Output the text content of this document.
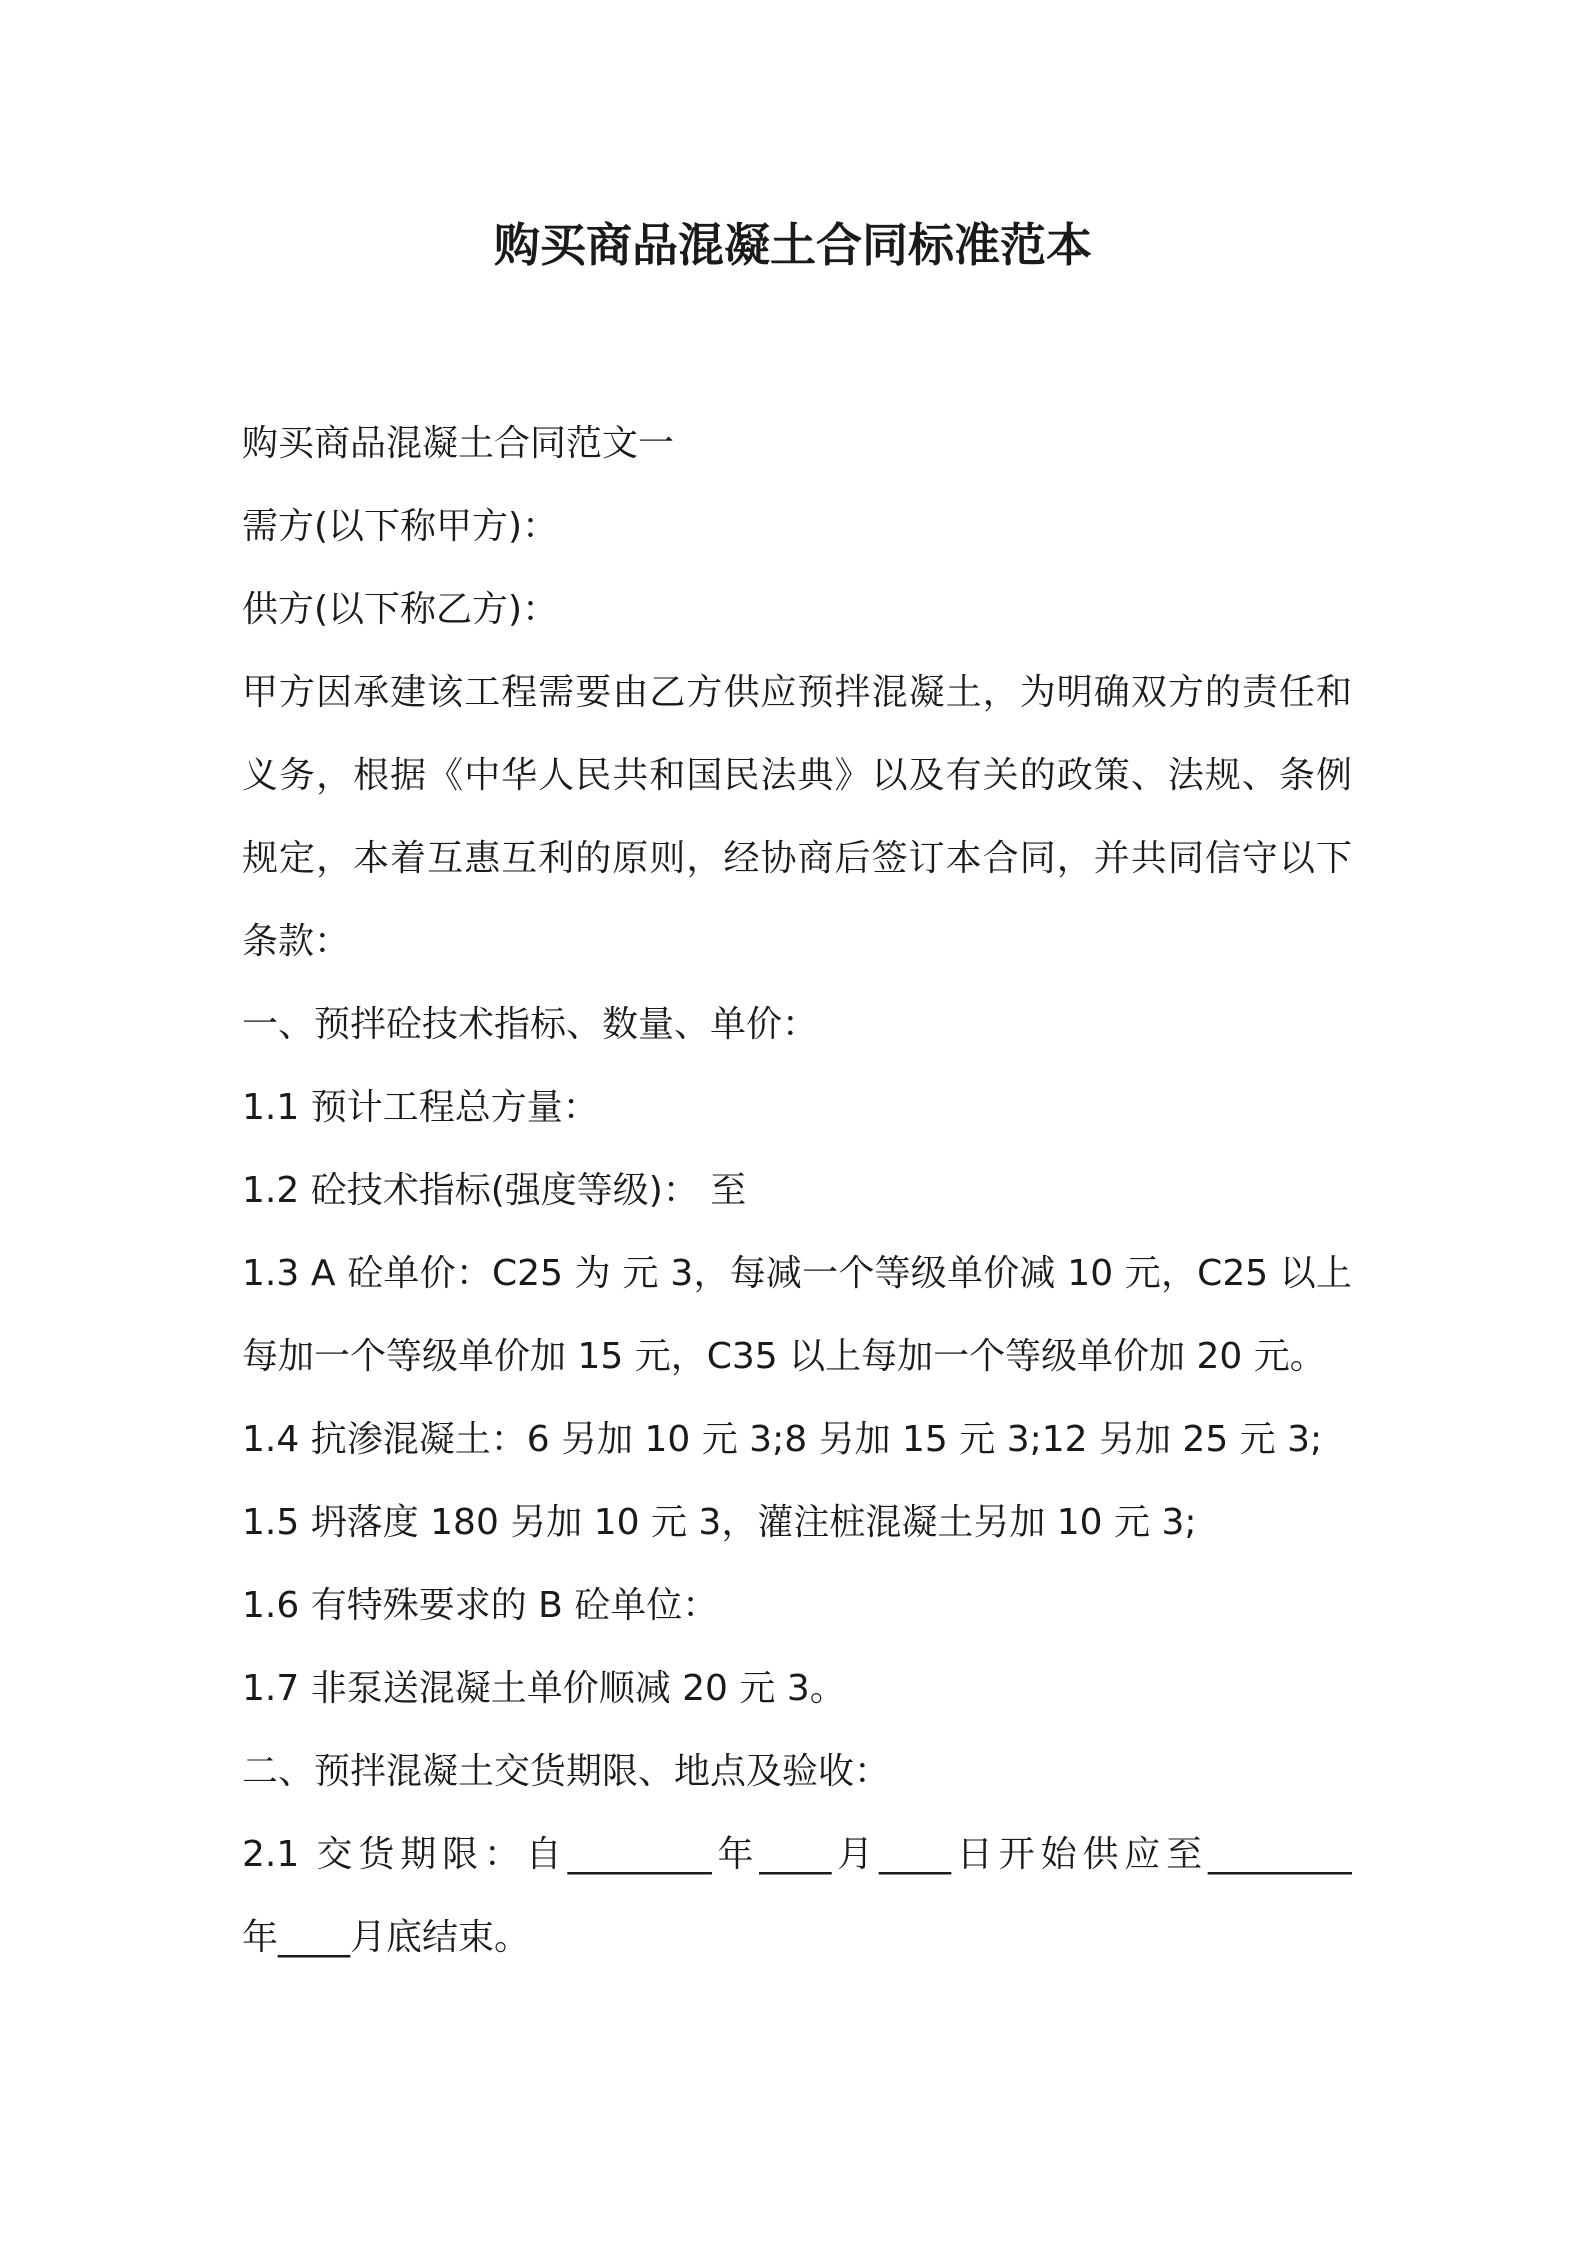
购买商品混凝土合同标准范本
购买商品混凝土合同范文一
需方(以下称甲方)：
供方(以下称乙方)：
甲方因承建该工程需要由乙方供应预拌混凝土，为明确双方的责任和
义务，根据《中华人民共和国民法典》以及有关的政策、法规、条例
规定，本着互惠互利的原则，经协商后签订本合同，并共同信守以下
条款：
一、预拌砼技术指标、数量、单价：
1.1 预计工程总方量：
1.2 砼技术指标(强度等级)： 至
1.3 A 砼单价：C25 为 元 3，每减一个等级单价减 10 元，C25 以上
每加一个等级单价加 15 元，C35 以上每加一个等级单价加 20 元。
1.4 抗渗混凝土：6 另加 10 元 3;8 另加 15 元 3;12 另加 25 元 3;
1.5 坍落度 180 另加 10 元 3，灌注桩混凝土另加 10 元 3;
1.6 有特殊要求的 B 砼单位：
1.7 非泵送混凝土单价顺减 20 元 3。
二、预拌混凝土交货期限、地点及验收：
2.1 交货期限：自________年____月____日开始供应至________
年____月底结束。
